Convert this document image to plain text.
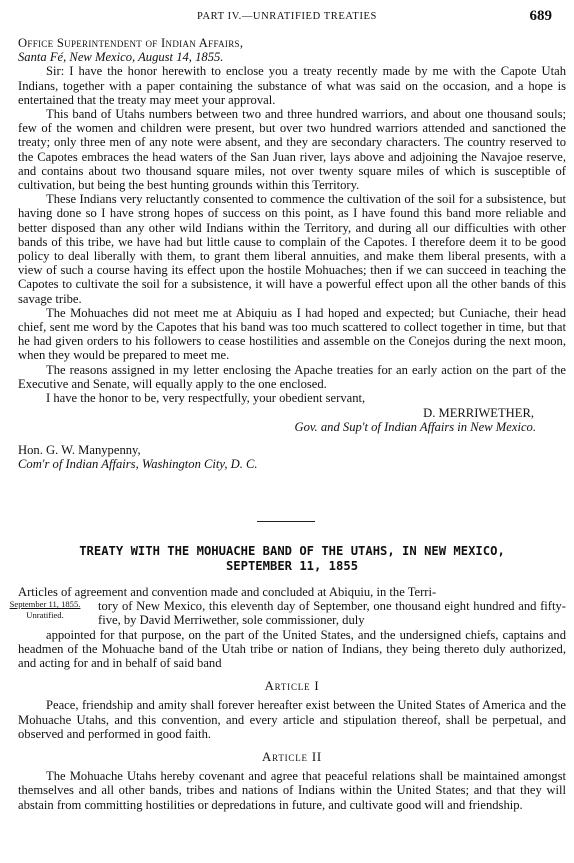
PART IV.—UNRATIFIED TREATIES	689

Office Superintendent of Indian Affairs,

Santa Fé, New Mexico, August 14, 1855.

Sir: I have the honor herewith to enclose you a treaty recently made by me with the Capote Utah Indians, together with a paper containing the substance of what was said on the occasion, and a hope is entertained that the treaty may meet your approval.

This band of Utahs numbers between two and three hundred warriors, and about one thousand souls; few of the women and children were present, but over two hundred warriors attended and sanctioned the treaty; only three men of any note were absent, and they are secondary characters. The country reserved to the Capotes embraces the head waters of the San Juan river, lays above and adjoining the Navajoe reserve, and contains about two thousand square miles, not over twenty square miles of which is susceptible of cultivation, but being the best hunting grounds within this Territory.

These Indians very reluctantly consented to commence the cultivation of the soil for a subsistence, but having done so I have strong hopes of success on this point, as I have found this band more reliable and better disposed than any other wild Indians within the Territory, and during all our difficulties with other bands of this tribe, we have had but little cause to complain of the Capotes. I therefore deem it to be good policy to deal liberally with them, to grant them liberal annuities, and make them liberal presents, with a view of such a course having its effect upon the hostile Mohuaches; then if we can succeed in teaching the Capotes to cultivate the soil for a subsistence, it will have a powerful effect upon all the other bands of this savage tribe.

The Mohuaches did not meet me at Abiquiu as I had hoped and expected; but Cuniache, their head chief, sent me word by the Capotes that his band was too much scattered to collect together in time, but that he had given orders to his followers to cease hostilities and assemble on the Conejos during the next moon, when they would be prepared to meet me.

The reasons assigned in my letter enclosing the Apache treaties for an early action on the part of the Executive and Senate, will equally apply to the one enclosed.

I have the honor to be, very respectfully, your obedient servant,

D. MERRIWETHER,

Gov. and Sup't of Indian Affairs in New Mexico.

Hon. G. W. Manypenny,

Com'r of Indian Affairs, Washington City, D. C.

TREATY WITH THE MOHUACHE BAND OF THE UTAHS, IN NEW MEXICO,
SEPTEMBER 11, 1855

Articles of agreement and convention made and concluded at Abiquiu, in the Terri-

September 11, 1855.
Unratified.

tory of New Mexico, this eleventh day of September, one thousand eight hundred and fifty-five, by David Merriwether, sole commissioner, duly

appointed for that purpose, on the part of the United States, and the undersigned chiefs, captains and headmen of the Mohuache band of the Utah tribe or nation of Indians, they being thereto duly authorized, and acting for and in behalf of said band

Article I

Peace, friendship and amity shall forever hereafter exist between the United States of America and the Mohuache Utahs, and this convention, and every article and stipulation thereof, shall be perpetual, and observed and performed in good faith.

Article II

The Mohuache Utahs hereby covenant and agree that peaceful relations shall be maintained amongst themselves and all other bands, tribes and nations of Indians within the United States; and that they will abstain from committing hostilities or depredations in future, and cultivate good will and friendship.
